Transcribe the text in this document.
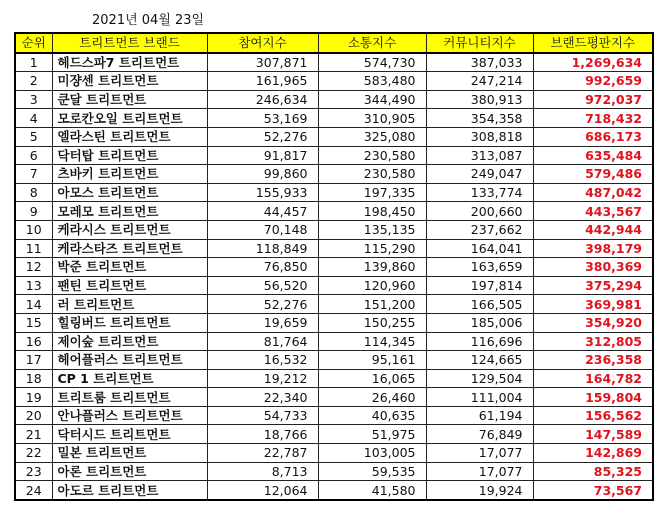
2021년 04월 23일
순위	트리트먼트 브랜드	참여지수	소통지수	커뮤니티지수	브랜드평판지수
1	헤드스파7 트리트먼트	307,871	574,730	387,033	1,269,634
2	미쟝센 트리트먼트	161,965	583,480	247,214	992,659
3	쿤달 트리트먼트	246,634	344,490	380,913	972,037
4	모로칸오일 트리트먼트	53,169	310,905	354,358	718,432
5	엘라스틴 트리트먼트	52,276	325,080	308,818	686,173
6	닥터탑 트리트먼트	91,817	230,580	313,087	635,484
7	츠바키 트리트먼트	99,860	230,580	249,047	579,486
8	아모스 트리트먼트	155,933	197,335	133,774	487,042
9	모레모 트리트먼트	44,457	198,450	200,660	443,567
10	케라시스 트리트먼트	70,148	135,135	237,662	442,944
11	케라스타즈 트리트먼트	118,849	115,290	164,041	398,179
12	박준 트리트먼트	76,850	139,860	163,659	380,369
13	팬틴 트리트먼트	56,520	120,960	197,814	375,294
14	러 트리트먼트	52,276	151,200	166,505	369,981
15	힐링버드 트리트먼트	19,659	150,255	185,006	354,920
16	제이숲 트리트먼트	81,764	114,345	116,696	312,805
17	헤어플러스 트리트먼트	16,532	95,161	124,665	236,358
18	CP 1 트리트먼트	19,212	16,065	129,504	164,782
19	트리트룸 트리트먼트	22,340	26,460	111,004	159,804
20	안나플러스 트리트먼트	54,733	40,635	61,194	156,562
21	닥터시드 트리트먼트	18,766	51,975	76,849	147,589
22	밀본 트리트먼트	22,787	103,005	17,077	142,869
23	아론 트리트먼트	8,713	59,535	17,077	85,325
24	아도르 트리트먼트	12,064	41,580	19,924	73,567
